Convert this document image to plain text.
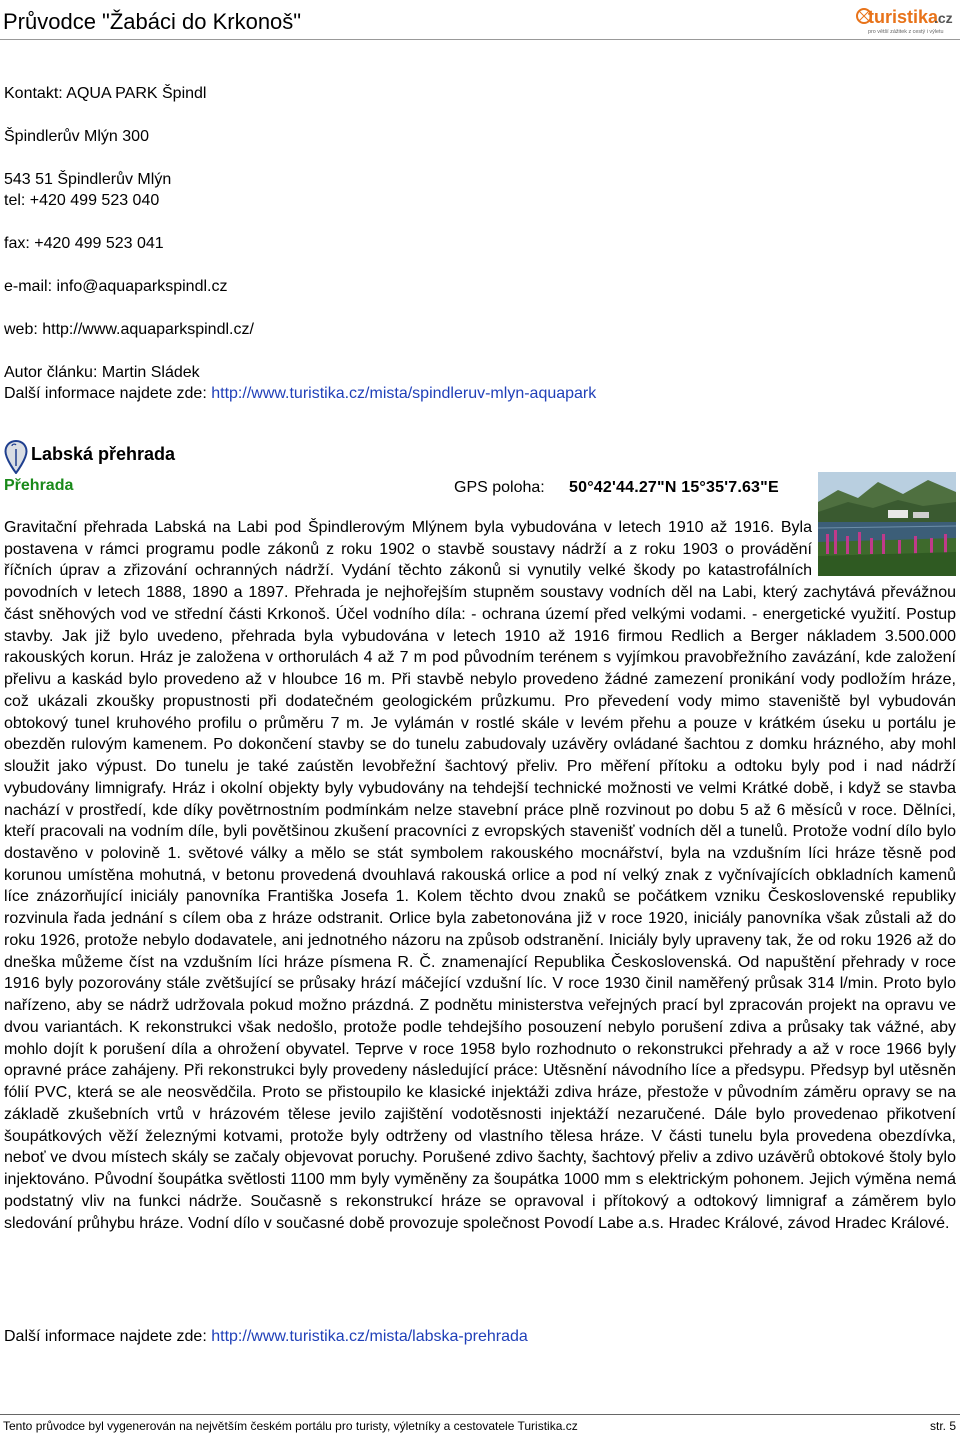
Průvodce "Žabáci do Krkonoš"	turistika
.cz
pro větší zážitek z cestý i výletu
Kontakt: AQUA PARK Špindl
Špindlerův Mlýn 300
543 51 Špindlerův Mlýn
tel: +420 499 523 040
fax: +420 499 523 041
e-mail: info@aquaparkspindl.cz
web: http://www.aquaparkspindl.cz/
Autor článku: Martin Sládek
Další informace najdete zde: http://www.turistika.cz/mista/spindleruv-mlyn-aquapark
Labská přehrada
Přehrada	GPS poloha: 50°42'44.27"N 15°35'7.63"E
Gravitační přehrada Labská na Labi pod Špindlerovým Mlýnem byla vybudována v letech 1910 až 1916. Byla postavena v rámci programu podle zákonů z roku 1902 o stavbě soustavy nádrží a z roku 1903 o provádění říčních úprav a zřizování ochranných nádrží. Vydání těchto zákonů si vynutily velké škody po katastrofálních povodních v letech 1888, 1890 a 1897. Přehrada je nejhořejším stupněm soustavy vodních děl na Labi, který zachytává převážnou část sněhových vod ve střední části Krkonoš. Účel vodního díla: - ochrana území před velkými vodami. - energetické využití. Postup stavby. Jak již bylo uvedeno, přehrada byla vybudována v letech 1910 až 1916 firmou Redlich a Berger nákladem 3.500.000 rakouských korun. Hráz je založena v orthorulách 4 až 7 m pod původním terénem s vyjímkou pravobřežního zavázání, kde založení přelivu a kaskád bylo provedeno až v hloubce 16 m. Při stavbě nebylo provedeno žádné zamezení pronikání vody podložím hráze, což ukázali zkoušky propustnosti při dodatečném geologickém průzkumu. Pro převedení vody mimo staveniště byl vybudován obtokový tunel kruhového profilu o průměru 7 m. Je vylámán v rostlé skále v levém přehu a pouze v krátkém úseku u portálu je obezděn rulovým kamenem. Po dokončení stavby se do tunelu zabudovaly uzávěry ovládané šachtou z domku hrázného, aby mohl sloužit jako výpust. Do tunelu je také zaústěn levobřežní šachtový přeliv. Pro měření přítoku a odtoku byly pod i nad nádrží vybudovány limnigrafy. Hráz i okolní objekty byly vybudovány na tehdejší technické možnosti ve velmi Krátké době, i když se stavba nachází v prostředí, kde díky povětrnostním podmínkám nelze stavební práce plně rozvinout po dobu 5 až 6 měsíců v roce. Dělníci, kteří pracovali na vodním díle, byli povětšinou zkušení pracovníci z evropských stavenišť vodních děl a tunelů. Protože vodní dílo bylo dostavěno v polovině 1. světové války a mělo se stát symbolem rakouského mocnářství, byla na vzdušním líci hráze těsně pod korunou umístěna mohutná, v betonu provedená dvouhlavá rakouská orlice a pod ní velký znak z vyčnívajících obkladních kamenů líce znázorňující iniciály panovníka Františka Josefa 1. Kolem těchto dvou znaků se počátkem vzniku Československé republiky rozvinula řada jednání s cílem oba z hráze odstranit. Orlice byla zabetonována již v roce 1920, iniciály panovníka však zůstali až do roku 1926, protože nebylo dodavatele, ani jednotného názoru na způsob odstranění. Iniciály byly upraveny tak, že od roku 1926 až do dneška můžeme číst na vzdušním líci hráze písmena R. Č. znamenající Republika Československá. Od napuštění přehrady v roce 1916 byly pozorovány stále zvětšující se průsaky hrází máčející vzdušní líc. V roce 1930 činil naměřený průsak 314 l/min. Proto bylo nařízeno, aby se nádrž udržovala pokud možno prázdná. Z podnětu ministerstva veřejných prací byl zpracován projekt na opravu ve dvou variantách. K rekonstrukci však nedošlo, protože podle tehdejšího posouzení nebylo porušení zdiva a průsaky tak vážné, aby mohlo dojít k porušení díla a ohrožení obyvatel. Teprve v roce 1958 bylo rozhodnuto o rekonstrukci přehrady a až v roce 1966 byly opravné práce zahájeny. Při rekonstrukci byly provedeny následující práce: Utěsnění návodního líce a předsypu. Předsyp byl utěsněn fólií PVC, která se ale neosvědčila. Proto se přistoupilo ke klasické injektáži zdiva hráze, přestože v původním záměru opravy se na základě zkušebních vrtů v hrázovém tělese jevilo zajištění vodotěsnosti injektáží nezaručené. Dále bylo provedenao přikotvení šoupátkových věží železnými kotvami, protože byly odtrženy od vlastního tělesa hráze. V části tunelu byla provedena obezdívka, neboť ve dvou místech skály se začaly objevovat poruchy. Porušené zdivo šachty, šachtový přeliv a zdivo uzávěrů obtokové štoly bylo injektováno. Původní šoupátka světlosti 1100 mm byly vyměněny za šoupátka 1000 mm s elektrickým pohonem. Jejich výměna nemá podstatný vliv na funkci nádrže. Současně s rekonstrukcí hráze se opravoval i přítokový a odtokový limnigraf a záměrem bylo sledování průhybu hráze. Vodní dílo v současné době provozuje společnost Povodí Labe a.s. Hradec Králové, závod Hradec Králové.
Další informace najdete zde: http://www.turistika.cz/mista/labska-prehrada
Tento průvodce byl vygenerován na největším českém portálu pro turisty, výletníky a cestovatele Turistika.cz	str. 5
